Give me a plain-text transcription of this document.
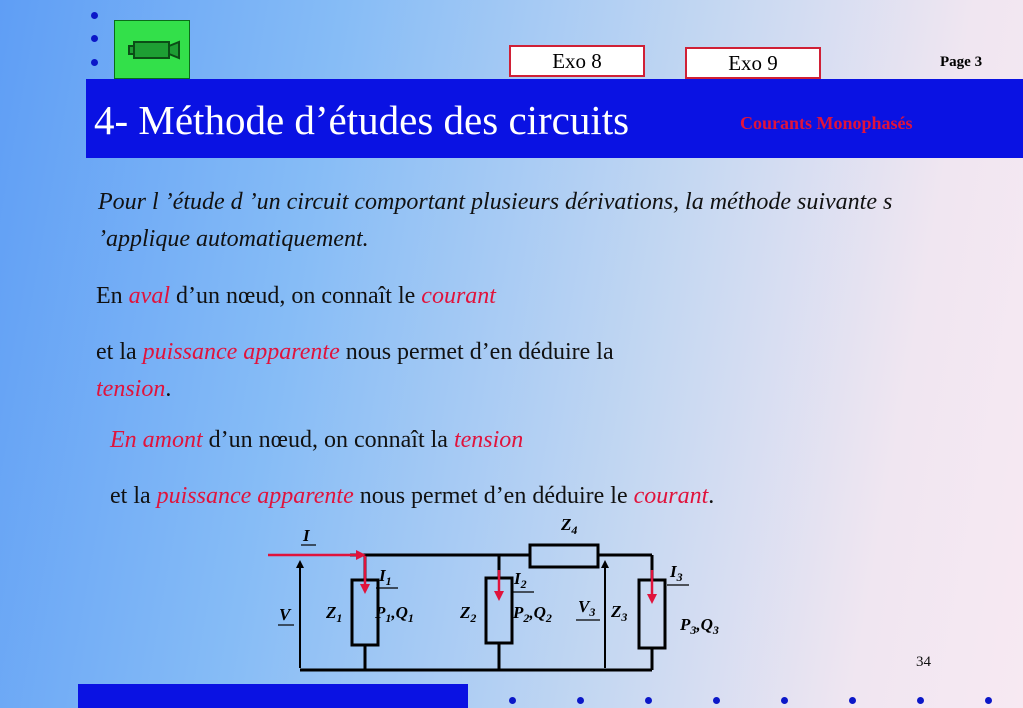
Exo 8	Exo 9	Page 3
4- Méthode d’études des circuits	Courants Monophasés
Pour l ’étude d ’un circuit comportant plusieurs dérivations, la méthode suivante s ’applique automatiquement.
En aval d’un nœud, on connaît le courant
et la puissance apparente nous permet d’en déduire la
tension.
En amont d’un nœud, on connaît la tension
et la puissance apparente nous permet d’en déduire le courant.
I
V $Z_1$	$Z_2$	$Z_3$
$Z_4$
$I_1$	$I_2$
$I_3$
$V_3$
$P_1,Q_1$	$P_2,Q_2$	$P_3,Q_3$
34
